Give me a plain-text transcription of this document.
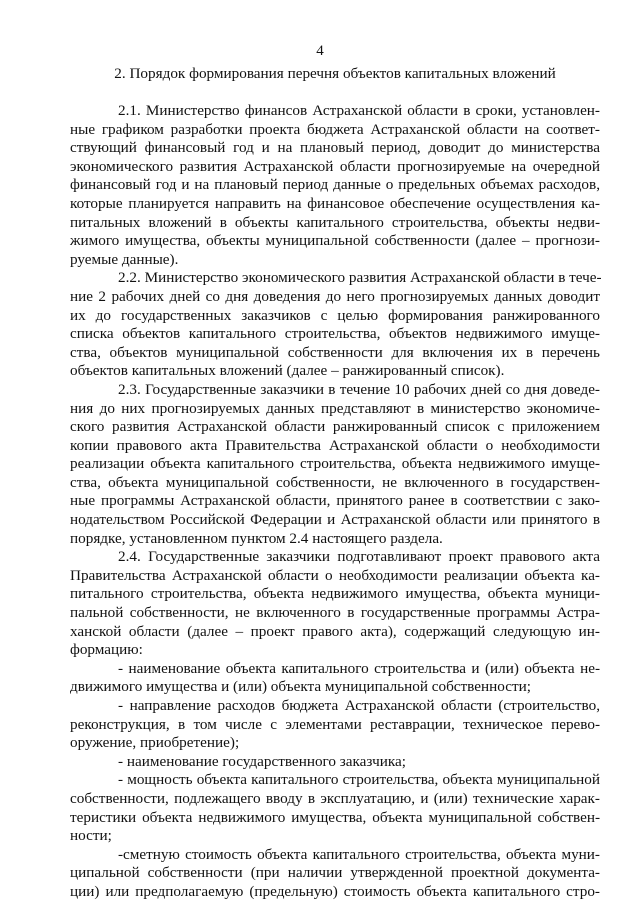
4
2. Порядок формирования перечня объектов капитальных вложений

2.1. Министерство финансов Астраханской области в сроки, установлен-
ные графиком разработки проекта бюджета Астраханской области на соответ-
ствующий финансовый год и на плановый период, доводит до министерства
экономического развития Астраханской области прогнозируемые на очередной
финансовый год и на плановый период данные о предельных объемах расходов,
которые планируется направить на финансовое обеспечение осуществления ка-
питальных вложений в объекты капитального строительства, объекты недви-
жимого имущества, объекты муниципальной собственности (далее – прогнози-
руемые данные).

2.2. Министерство экономического развития Астраханской области в тече-
ние 2 рабочих дней со дня доведения до него прогнозируемых данных доводит
их до государственных заказчиков с целью формирования ранжированного
списка объектов капитального строительства, объектов недвижимого имуще-
ства, объектов муниципальной собственности для включения их в перечень
объектов капитальных вложений (далее – ранжированный список).

2.3. Государственные заказчики в течение 10 рабочих дней со дня доведе-
ния до них прогнозируемых данных представляют в министерство экономиче-
ского развития Астраханской области ранжированный список с приложением
копии правового акта Правительства Астраханской области о необходимости
реализации объекта капитального строительства, объекта недвижимого имуще-
ства, объекта муниципальной собственности, не включенного в государствен-
ные программы Астраханской области, принятого ранее в соответствии с зако-
нодательством Российской Федерации и Астраханской области или принятого в
порядке, установленном пунктом 2.4 настоящего раздела.

2.4. Государственные заказчики подготавливают проект правового акта
Правительства Астраханской области о необходимости реализации объекта ка-
питального строительства, объекта недвижимого имущества, объекта муници-
пальной собственности, не включенного в государственные программы Астра-
ханской области (далее – проект правого акта), содержащий следующую ин-
формацию:

- наименование объекта капитального строительства и (или) объекта не-
движимого имущества и (или) объекта муниципальной собственности;

- направление расходов бюджета Астраханской области (строительство,
реконструкция, в том числе с элементами реставрации, техническое перево-
оружение, приобретение);

- наименование государственного заказчика;

- мощность объекта капитального строительства, объекта муниципальной
собственности, подлежащего вводу в эксплуатацию, и (или) технические харак-
теристики объекта недвижимого имущества, объекта муниципальной собствен-
ности;

-сметную стоимость объекта капитального строительства, объекта муни-
ципальной собственности (при наличии утвержденной проектной документа-
ции) или предполагаемую (предельную) стоимость объекта капитального стро-
